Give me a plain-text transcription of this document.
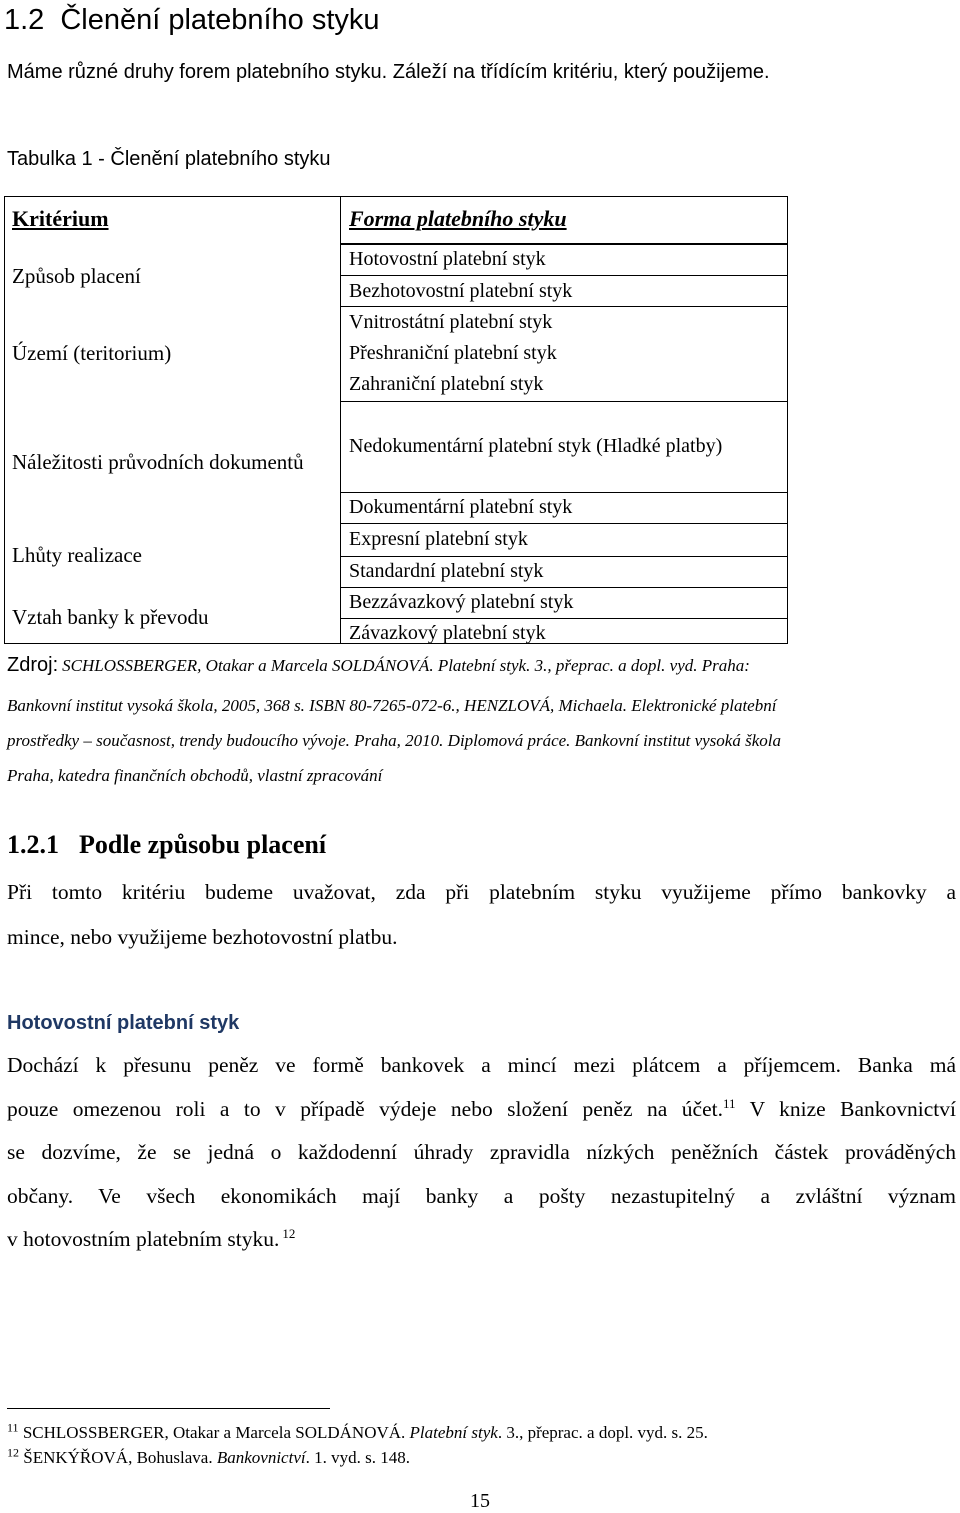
1.2 Členění platebního styku
Máme různé druhy forem platebního styku. Záleží na třídícím kritériu, který použijeme.
Tabulka 1 - Členění platebního styku
Kritérium	Forma platebního styku
Způsob placení
Území (teritorium)
Náležitosti průvodních dokumentů
Lhůty realizace
Vztah banky k převodu
Hotovostní platební styk
Bezhotovostní platební styk
Vnitrostátní platební styk
Přeshraniční platební styk
Zahraniční platební styk
Nedokumentární platební styk (Hladké platby)
Dokumentární platební styk
Expresní platební styk
Standardní platební styk
Bezzávazkový platební styk
Závazkový platební styk
Zdroj: SCHLOSSBERGER, Otakar a Marcela SOLDÁNOVÁ. Platební styk. 3., přeprac. a dopl. vyd. Praha:
Bankovní institut vysoká škola, 2005, 368 s. ISBN 80-7265-072-6., HENZLOVÁ, Michaela. Elektronické platební
prostředky – současnost, trendy budoucího vývoje. Praha, 2010. Diplomová práce. Bankovní institut vysoká škola
Praha, katedra finančních obchodů, vlastní zpracování
1.2.1 Podle způsobu placení
Při tomto kritériu budeme uvažovat, zda při platebním styku využijeme přímo bankovky a
mince, nebo využijeme bezhotovostní platbu.
Hotovostní platební styk
Dochází k přesunu peněz ve formě bankovek a mincí mezi plátcem a příjemcem. Banka má
pouze omezenou roli a to v případě výdeje nebo složení peněz na účet.$^{11}$ V knize Bankovnictví
se dozvíme, že se jedná o každodenní úhrady zpravidla nízkých peněžních částek prováděných
občany. Ve všech ekonomikách mají banky a pošty nezastupitelný a zvláštní význam
v hotovostním platebním styku. $^{12}$
$^{11}$ SCHLOSSBERGER, Otakar a Marcela SOLDÁNOVÁ. Platební styk. 3., přeprac. a dopl. vyd. s. 25.
$^{12}$ ŠENKÝŘOVÁ, Bohuslava. Bankovnictví. 1. vyd. s. 148.
15
